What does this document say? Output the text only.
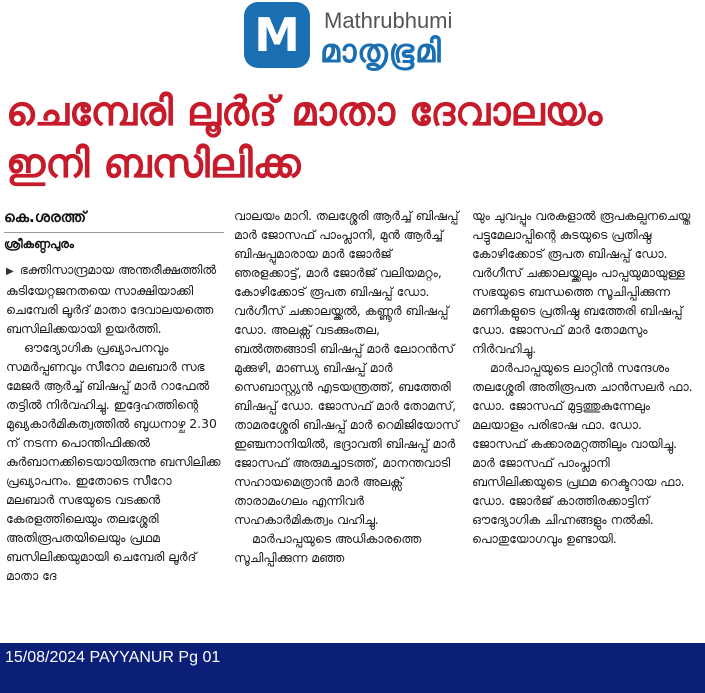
M	Mathrubhumi
മാതൃഭൂമി
ചെമ്പേരി ലൂർദ് മാതാ ദേവാലയം
ഇനി ബസിലിക്ക

കെ.ശരത്ത്

ശ്രീകണ്ഠപുരം

▶ ഭക്തിസാന്ദ്രമായ അന്തരീക്ഷത്തിൽ കുടിയേറ്റജനതയെ സാക്ഷിയാക്കി ചെമ്പേരി ലൂർദ് മാതാ ദേവാലയത്തെ ബസിലിക്കയായി ഉയർത്തി.

ഔദ്യോഗിക പ്രഖ്യാപനവും സമർപ്പണവും സീറോ മലബാർ സഭ മേജർ ആർച്ച് ബിഷപ്പ് മാർ റാഫേൽ തട്ടിൽ നിർവഹിച്ചു. ഇദ്ദേഹത്തിന്റെ മുഖ്യകാർമികത്വത്തിൽ ബുധനാഴ്ച 2.30 ന് നടന്ന പൊന്തിഫിക്കൽ കുർബാനക്കിടെയായിരുന്നു ബസിലിക്ക പ്രഖ്യാപനം. ഇതോടെ സീറോ മലബാർ സഭയുടെ വടക്കൻ കേരളത്തിലെയും തലശ്ശേരി അതിരൂപതയിലെയും പ്രഥമ ബസിലിക്കയുമായി ചെമ്പേരി ലൂർദ് മാതാ ദേ

വാലയം മാറി. തലശ്ശേരി ആർച്ച് ബിഷപ്പ് മാർ ജോസഫ് പാംപ്ലാനി, മുൻ ആർച്ച് ബിഷപ്പുമാരായ മാർ ജോർജ് ഞരളക്കാട്ട്, മാർ ജോർജ് വലിയമറ്റം, കോഴിക്കോട് രൂപത ബിഷപ്പ് ഡോ. വർഗീസ് ചക്കാലയ്ക്കൽ, കണ്ണൂർ ബിഷപ്പ് ഡോ. അലക്സ് വടക്കുംതല, ബൽത്തങ്ങാടി ബിഷപ്പ് മാർ ലോറൻസ് മുക്കുഴി, മാണ്ഡ്യ ബിഷപ്പ് മാർ സെബാസ്റ്റ്യൻ എടയന്ത്രത്ത്, ബത്തേരി ബിഷപ്പ് ഡോ. ജോസഫ് മാർ തോമസ്, താമരശ്ശേരി ബിഷപ്പ് മാർ റെമിജിയോസ് ഇഞ്ചനാനിയിൽ, ഭദ്രാവതി ബിഷപ്പ് മാർ ജോസഫ് അരുമച്ചാടത്ത്, മാനന്തവാടി സഹായമെത്രാൻ മാർ അലക്സ് താരാമംഗലം എന്നിവർ സഹകാർമികത്വം വഹിച്ചു.

മാർപാപ്പയുടെ അധികാരത്തെ സൂചിപ്പിക്കുന്ന മഞ്ഞ

യും ചുവപ്പും വരകളാൽ രൂപകല്പനചെയ്ത പട്ടുമേലാപ്പിന്റെ കുടയുടെ പ്രതിഷ്ഠ കോഴിക്കോട് രൂപത ബിഷപ്പ് ഡോ. വർഗീസ് ചക്കാലയ്ക്കലും പാപ്പയുമായുള്ള സഭയുടെ ബന്ധത്തെ സൂചിപ്പിക്കുന്ന മണികളുടെ പ്രതിഷ്ഠ ബത്തേരി ബിഷപ്പ് ഡോ. ജോസഫ് മാർ തോമസും നിർവഹിച്ചു.

മാർപാപ്പയുടെ ലാറ്റിൻ സന്ദേശം തലശ്ശേരി അതിരൂപത ചാൻസലർ ഫാ. ഡോ. ജോസഫ് മുട്ടത്തുകുന്നേലും മലയാളം പരിഭാഷ ഫാ. ഡോ. ജോസഫ് കക്കാരമറ്റത്തിലും വായിച്ചു. മാർ ജോസഫ് പാംപ്ലാനി ബസിലിക്കയുടെ പ്രഥമ റെക്ടറായ ഫാ. ഡോ. ജോർജ് കാത്തിരക്കാട്ടിന് ഔദ്യോഗിക ചിഹ്നങ്ങളും നൽകി. പൊതുയോഗവും ഉണ്ടായി.

15/08/2024 PAYYANUR Pg 01
